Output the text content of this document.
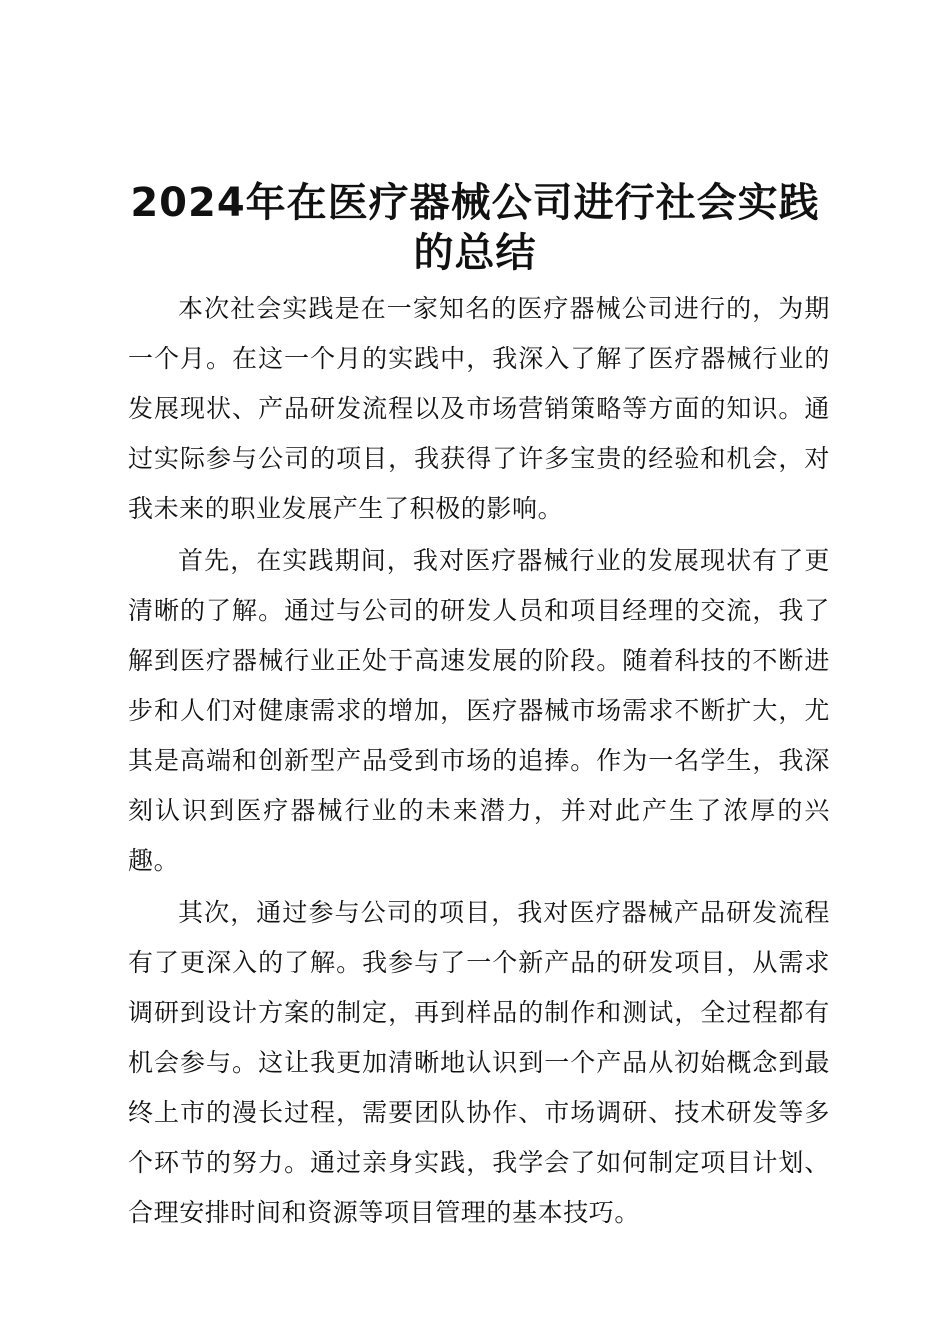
2024年在医疗器械公司进行社会实践的总结

本次社会实践是在一家知名的医疗器械公司进行的，为期一个月。在这一个月的实践中，我深入了解了医疗器械行业的发展现状、产品研发流程以及市场营销策略等方面的知识。通过实际参与公司的项目，我获得了许多宝贵的经验和机会，对我未来的职业发展产生了积极的影响。

首先，在实践期间，我对医疗器械行业的发展现状有了更清晰的了解。通过与公司的研发人员和项目经理的交流，我了解到医疗器械行业正处于高速发展的阶段。随着科技的不断进步和人们对健康需求的增加，医疗器械市场需求不断扩大，尤其是高端和创新型产品受到市场的追捧。作为一名学生，我深刻认识到医疗器械行业的未来潜力，并对此产生了浓厚的兴趣。

其次，通过参与公司的项目，我对医疗器械产品研发流程有了更深入的了解。我参与了一个新产品的研发项目，从需求调研到设计方案的制定，再到样品的制作和测试，全过程都有机会参与。这让我更加清晰地认识到一个产品从初始概念到最终上市的漫长过程，需要团队协作、市场调研、技术研发等多个环节的努力。通过亲身实践，我学会了如何制定项目计划、合理安排时间和资源等项目管理的基本技巧。
